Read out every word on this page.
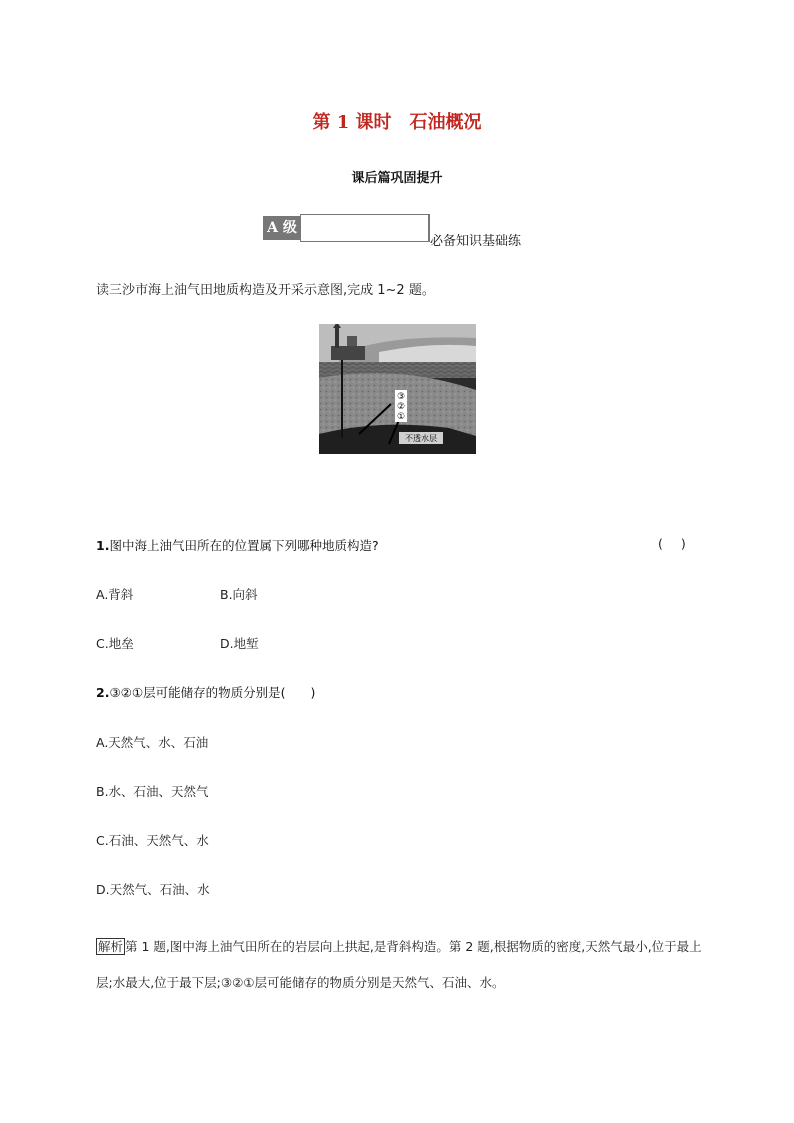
第 1 课时　石油概况
课后篇巩固提升
A 级
必备知识基础练
读三沙市海上油气田地质构造及开采示意图,完成 1~2 题。
③
②
①
不透水层
1.图中海上油气田所在的位置属下列哪种地质构造?	()
A.背斜	B.向斜
C.地垒	D.地堑
2.③②①层可能储存的物质分别是(　　)
A.天然气、水、石油
B.水、石油、天然气
C.石油、天然气、水
D.天然气、石油、水
解析 第 1 题,图中海上油气田所在的岩层向上拱起,是背斜构造。第 2 题,根据物质的密度,天然气最小,位于最上层;水最大,位于最下层;③②①层可能储存的物质分别是天然气、石油、水。
